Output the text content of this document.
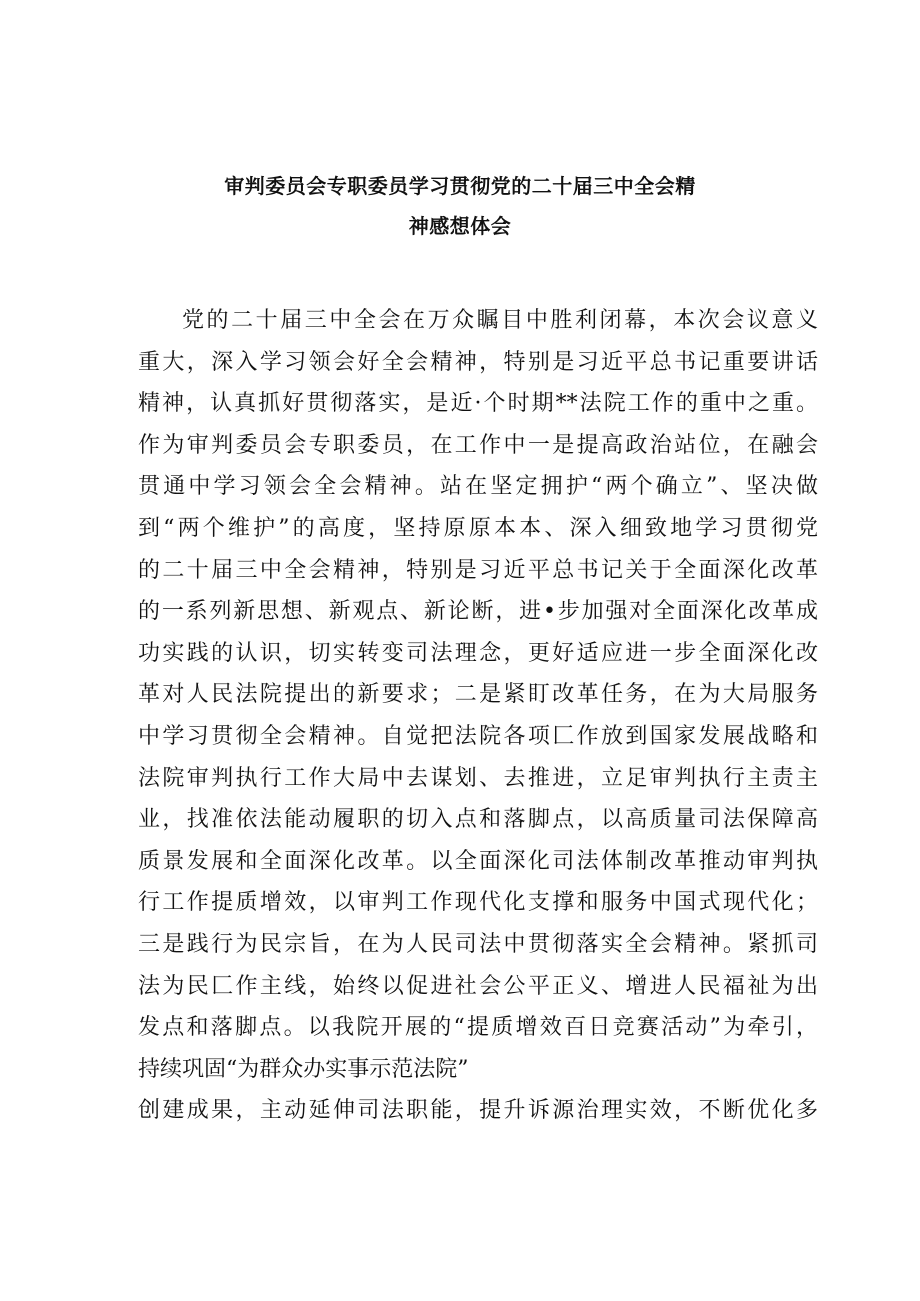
审判委员会专职委员学习贯彻党的二十届三中全会精
神感想体会
党的二十届三中全会在万众瞩目中胜利闭幕，本次会议意义
重大，深入学习领会好全会精神，特别是习近平总书记重要讲话
精神，认真抓好贯彻落实，是近·个时期**法院工作的重中之重。
作为审判委员会专职委员，在工作中一是提高政治站位，在融会
贯通中学习领会全会精神。站在坚定拥护“两个确立”、坚决做
到“两个维护”的高度，坚持原原本本、深入细致地学习贯彻党
的二十届三中全会精神，特别是习近平总书记关于全面深化改革
的一系列新思想、新观点、新论断，进•步加强对全面深化改革成
功实践的认识，切实转变司法理念，更好适应进一步全面深化改
革对人民法院提出的新要求；二是紧盯改革任务，在为大局服务
中学习贯彻全会精神。自觉把法院各项匚作放到国家发展战略和
法院审判执行工作大局中去谋划、去推进，立足审判执行主责主
业，找准依法能动履职的切入点和落脚点，以高质量司法保障高
质景发展和全面深化改革。以全面深化司法体制改革推动审判执
行工作提质增效，以审判工作现代化支撑和服务中国式现代化；
三是践行为民宗旨，在为人民司法中贯彻落实全会精神。紧抓司
法为民匚作主线，始终以促进社会公平正义、增进人民福祉为出
发点和落脚点。以我院开展的“提质增效百日竞赛活动”为牵引，
持续巩固“为群众办实事示范法院”
创建成果，主动延伸司法职能，提升诉源治理实效，不断优化多
